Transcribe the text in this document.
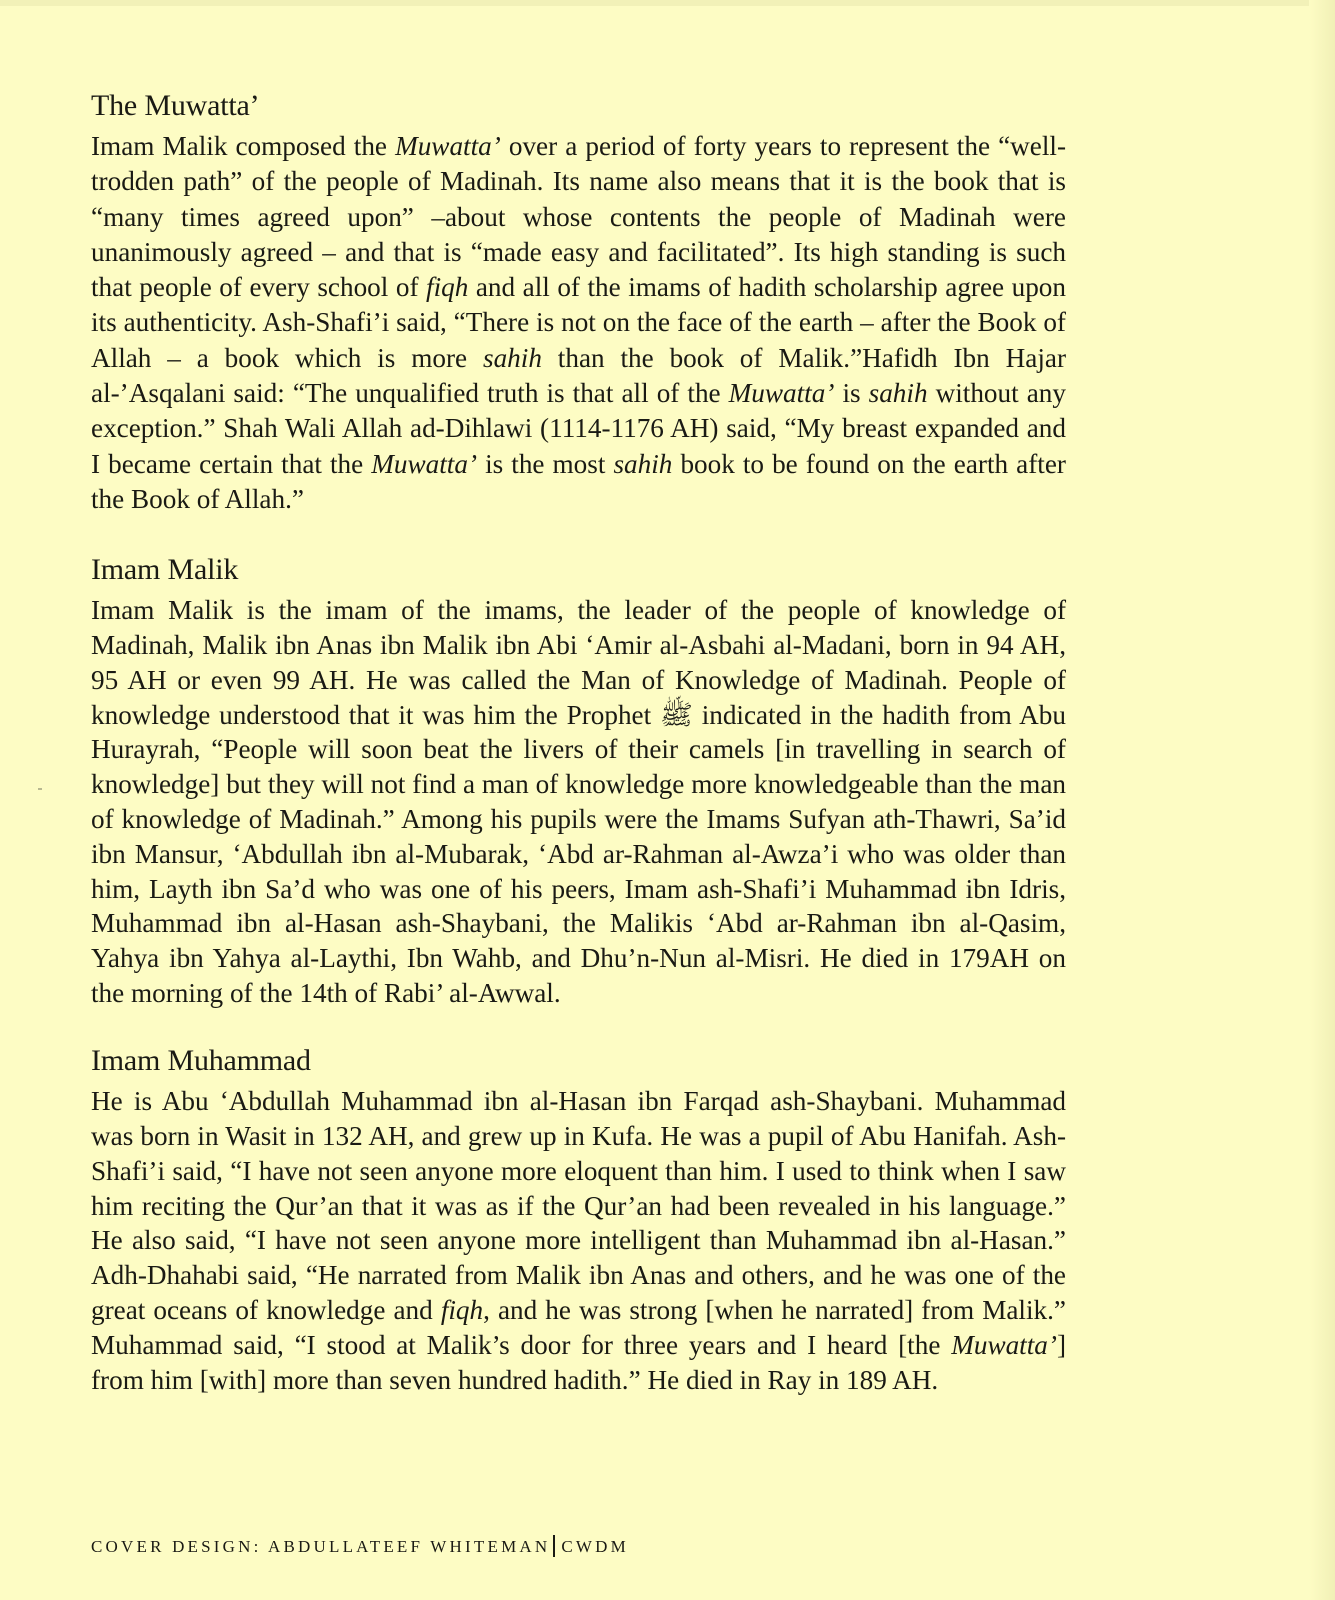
The Muwatta’

Imam Malik composed the Muwatta’ over a period of forty years to represent the “well-trodden path” of the people of Madinah. Its name also means that it is the book that is “many times agreed upon” –about whose contents the people of Madinah were unanimously agreed – and that is “made easy and facilitated”. Its high standing is such that people of every school of fiqh and all of the imams of hadith scholarship agree upon its authenticity. Ash-Shafi’i said, “There is not on the face of the earth – after the Book of Allah – a book which is more sahih than the book of Malik.”Hafidh Ibn Hajar al-’Asqalani said: “The unqualified truth is that all of the Muwatta’ is sahih without any exception.” Shah Wali Allah ad-Dihlawi (1114-1176 AH) said, “My breast expanded and I became certain that the Muwatta’ is the most sahih book to be found on the earth after the Book of Allah.”

Imam Malik

Imam Malik is the imam of the imams, the leader of the people of knowledge of Madinah, Malik ibn Anas ibn Malik ibn Abi ‘Amir al-Asbahi al-Madani, born in 94 AH, 95 AH or even 99 AH. He was called the Man of Knowledge of Madinah. People of knowledge understood that it was him the Prophet ﷺ indicated in the hadith from Abu Hurayrah, “People will soon beat the livers of their camels [in travelling in search of knowledge] but they will not find a man of knowledge more knowledgeable than the man of knowledge of Madinah.” Among his pupils were the Imams Sufyan ath-Thawri, Sa’id ibn Mansur, ‘Abdullah ibn al-Mubarak, ‘Abd ar-Rahman al-Awza’i who was older than him, Layth ibn Sa’d who was one of his peers, Imam ash-Shafi’i Muhammad ibn Idris, Muhammad ibn al-Hasan ash-Shaybani, the Malikis ‘Abd ar-Rahman ibn al-Qasim, Yahya ibn Yahya al-Laythi, Ibn Wahb, and Dhu’n-Nun al-Misri. He died in 179AH on the morning of the 14th of Rabi’ al-Awwal.

Imam Muhammad

He is Abu ‘Abdullah Muhammad ibn al-Hasan ibn Farqad ash-Shaybani. Muhammad was born in Wasit in 132 AH, and grew up in Kufa. He was a pupil of Abu Hanifah. Ash-Shafi’i said, “I have not seen anyone more eloquent than him. I used to think when I saw him reciting the Qur’an that it was as if the Qur’an had been revealed in his language.” He also said, “I have not seen anyone more intelligent than Muhammad ibn al-Hasan.” Adh-Dhahabi said, “He narrated from Malik ibn Anas and others, and he was one of the great oceans of knowledge and fiqh, and he was strong [when he narrated] from Malik.” Muhammad said, “I stood at Malik’s door for three years and I heard [the Muwatta’] from him [with] more than seven hundred hadith.” He died in Ray in 189 AH.

COVER DESIGN: ABDULLATEEF WHITEMAN CWDM
